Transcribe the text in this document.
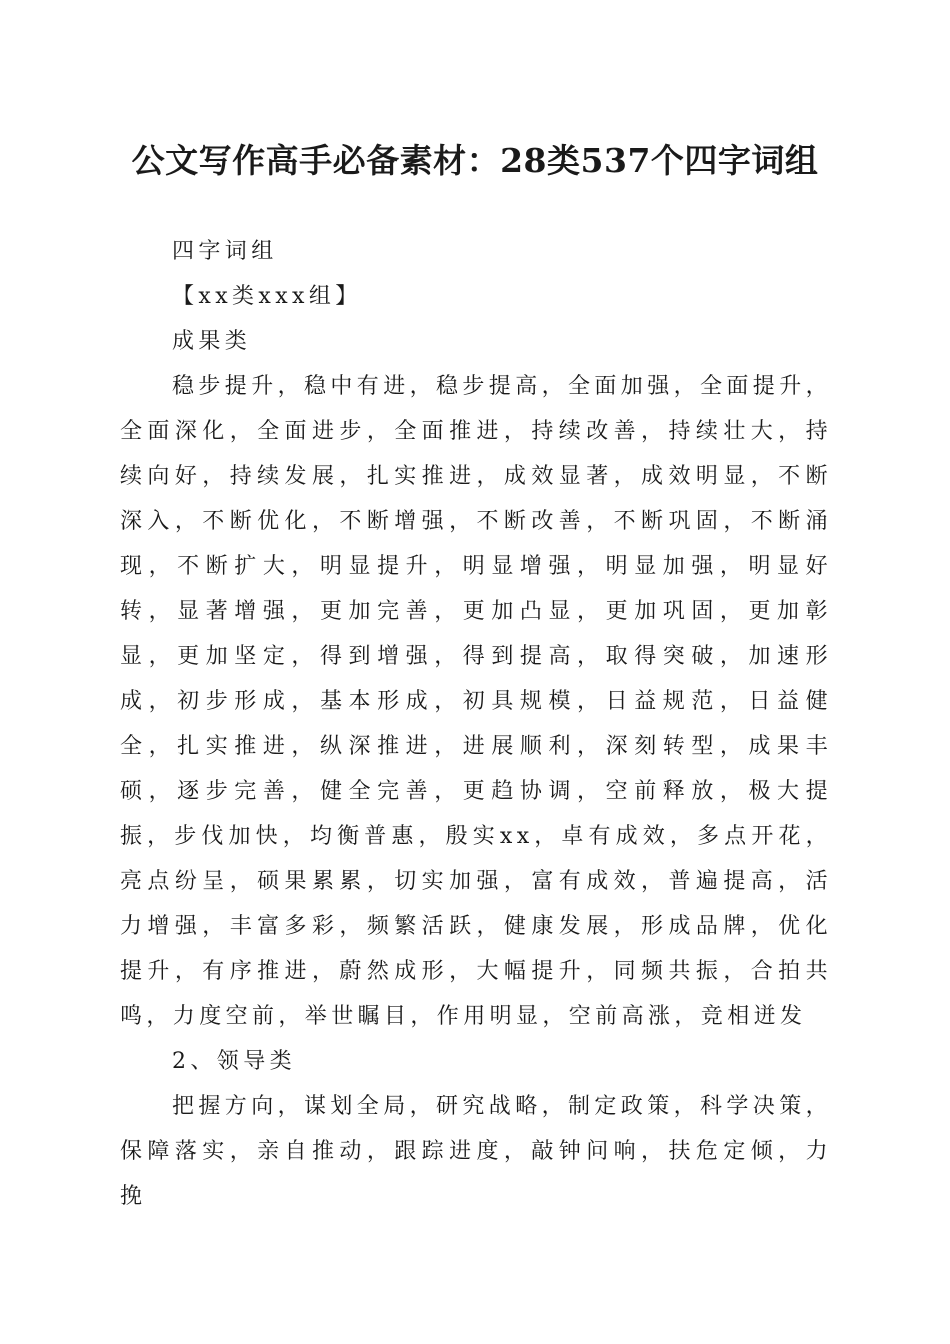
公文写作高手必备素材：28类537个四字词组

四字词组

【xx类xxx组】

成果类

稳步提升，稳中有进，稳步提高，全面加强，全面提升，全面深化，全面进步，全面推进，持续改善，持续壮大，持续向好，持续发展，扎实推进，成效显著，成效明显，不断深入，不断优化，不断增强，不断改善，不断巩固，不断涌现，不断扩大，明显提升，明显增强，明显加强，明显好转，显著增强，更加完善，更加凸显，更加巩固，更加彰显，更加坚定，得到增强，得到提高，取得突破，加速形成，初步形成，基本形成，初具规模，日益规范，日益健全，扎实推进，纵深推进，进展顺利，深刻转型，成果丰硕，逐步完善，健全完善，更趋协调，空前释放，极大提振，步伐加快，均衡普惠，殷实xx，卓有成效，多点开花，亮点纷呈，硕果累累，切实加强，富有成效，普遍提高，活力增强，丰富多彩，频繁活跃，健康发展，形成品牌，优化提升，有序推进，蔚然成形，大幅提升，同频共振，合拍共鸣，力度空前，举世瞩目，作用明显，空前高涨，竞相迸发

2、领导类

把握方向，谋划全局，研究战略，制定政策，科学决策，保障落实，亲自推动，跟踪进度，敲钟问响，扶危定倾，力挽
